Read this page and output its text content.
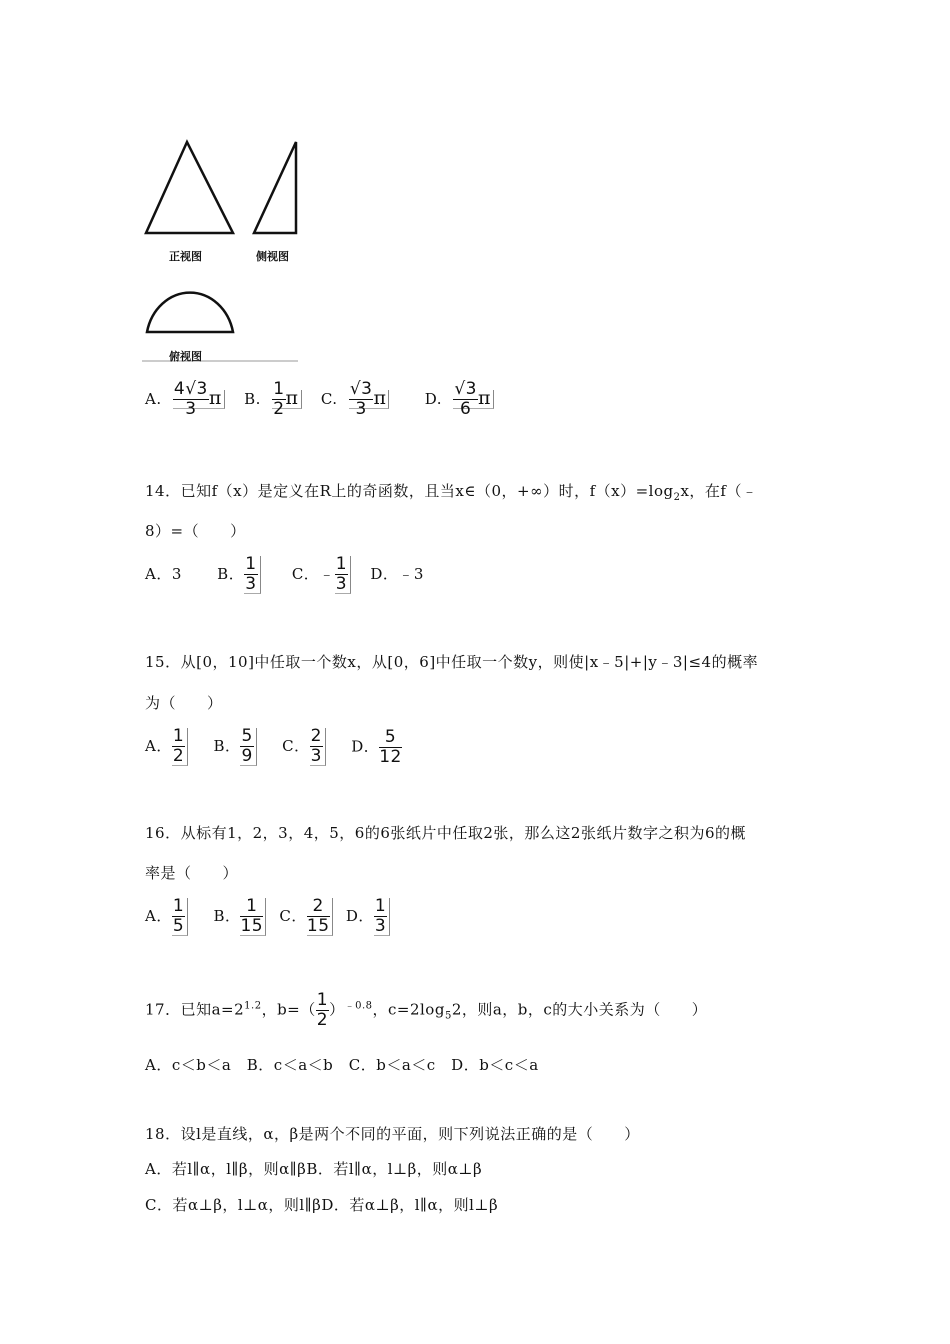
正视图	侧视图
俯视图
A. $\frac{4√3}{3}$ π B. $\frac{1}{2}$ π C. $\frac{√3}{3}$ π	D. $\frac{√3}{6}$ π
14．已知f（x）是定义在R上的奇函数，且当x∈（0，+∞）时，$f(x)=\log_2x$，在f（﹣
8）=（　　）
A．3 B． $\frac{1}{3}$ C．﹣ $\frac{1}{3}$ D．﹣3
15．从[0，10]中任取一个数x，从[0，6]中任取一个数y，则使|x﹣5|+|y﹣3|≤4的概率
为（　　）
A． $\frac{1}{2}$ B． $\frac{5}{9}$ C． $\frac{2}{3}$ D． $\frac{5}{12}$
16．从标有1，2，3，4，5，6的6张纸片中任取2张，那么这2张纸片数字之积为6的概
率是（　　）
A． $\frac{1}{5}$ B． $\frac{1}{15}$ C． $\frac{2}{15}$ D． $\frac{1}{3}$
17．已知$a=2^{1.2}$，$b=( \frac{1}{2} )^{﹣0.8}$，$c=2\log_52$，则a，b，c的大小关系为（　　）
A．c＜b＜a　B．c＜a＜b　C．b＜a＜c　D．b＜c＜a
18．设l是直线，α，β是两个不同的平面，则下列说法正确的是（　　）
A．若l∥α，l∥β，则α∥βB．若l∥α，l⊥β，则α⊥β
C．若α⊥β，l⊥α，则l∥βD．若α⊥β，l∥α，则l⊥β
